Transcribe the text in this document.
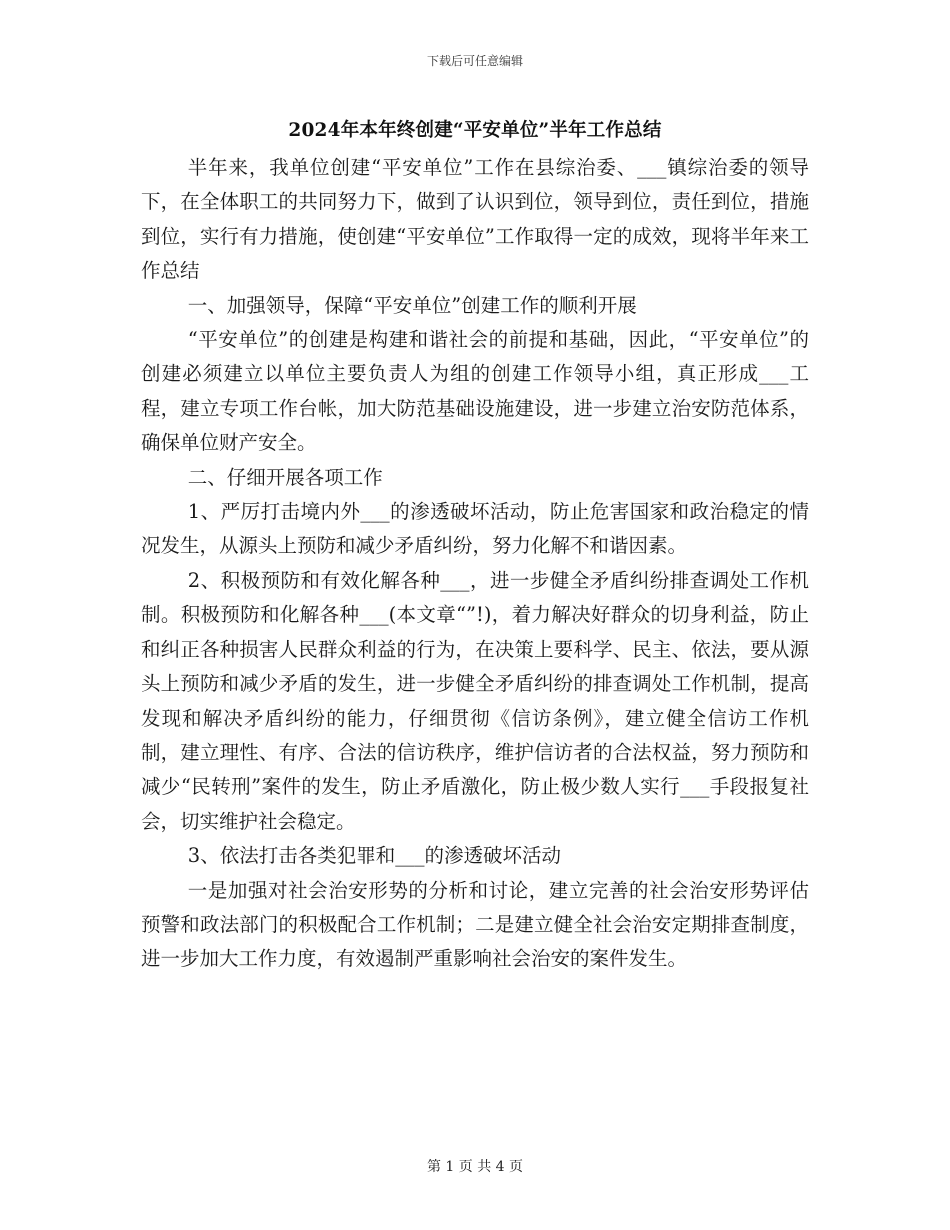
下载后可任意编辑
2024年本年终创建“平安单位”半年工作总结

半年来，我单位创建“平安单位”工作在县综治委、___镇综治委的领导下，在全体职工的共同努力下，做到了认识到位，领导到位，责任到位，措施到位，实行有力措施，使创建“平安单位”工作取得一定的成效，现将半年来工作总结

一、加强领导，保障“平安单位”创建工作的顺利开展

“平安单位”的创建是构建和谐社会的前提和基础，因此，“平安单位”的创建必须建立以单位主要负责人为组的创建工作领导小组，真正形成___工程，建立专项工作台帐，加大防范基础设施建设，进一步建立治安防范体系，确保单位财产安全。

二、仔细开展各项工作

1、严厉打击境内外___的渗透破坏活动，防止危害国家和政治稳定的情况发生，从源头上预防和减少矛盾纠纷，努力化解不和谐因素。

2、积极预防和有效化解各种___，进一步健全矛盾纠纷排查调处工作机制。积极预防和化解各种___(本文章“”!)，着力解决好群众的切身利益，防止和纠正各种损害人民群众利益的行为，在决策上要科学、民主、依法，要从源头上预防和减少矛盾的发生，进一步健全矛盾纠纷的排查调处工作机制，提高发现和解决矛盾纠纷的能力，仔细贯彻《信访条例》，建立健全信访工作机制，建立理性、有序、合法的信访秩序，维护信访者的合法权益，努力预防和减少“民转刑”案件的发生，防止矛盾激化，防止极少数人实行___手段报复社会，切实维护社会稳定。

3、依法打击各类犯罪和___的渗透破坏活动

一是加强对社会治安形势的分析和讨论，建立完善的社会治安形势评估预警和政法部门的积极配合工作机制；二是建立健全社会治安定期排查制度，进一步加大工作力度，有效遏制严重影响社会治安的案件发生。

第 1 页 共 4 页
